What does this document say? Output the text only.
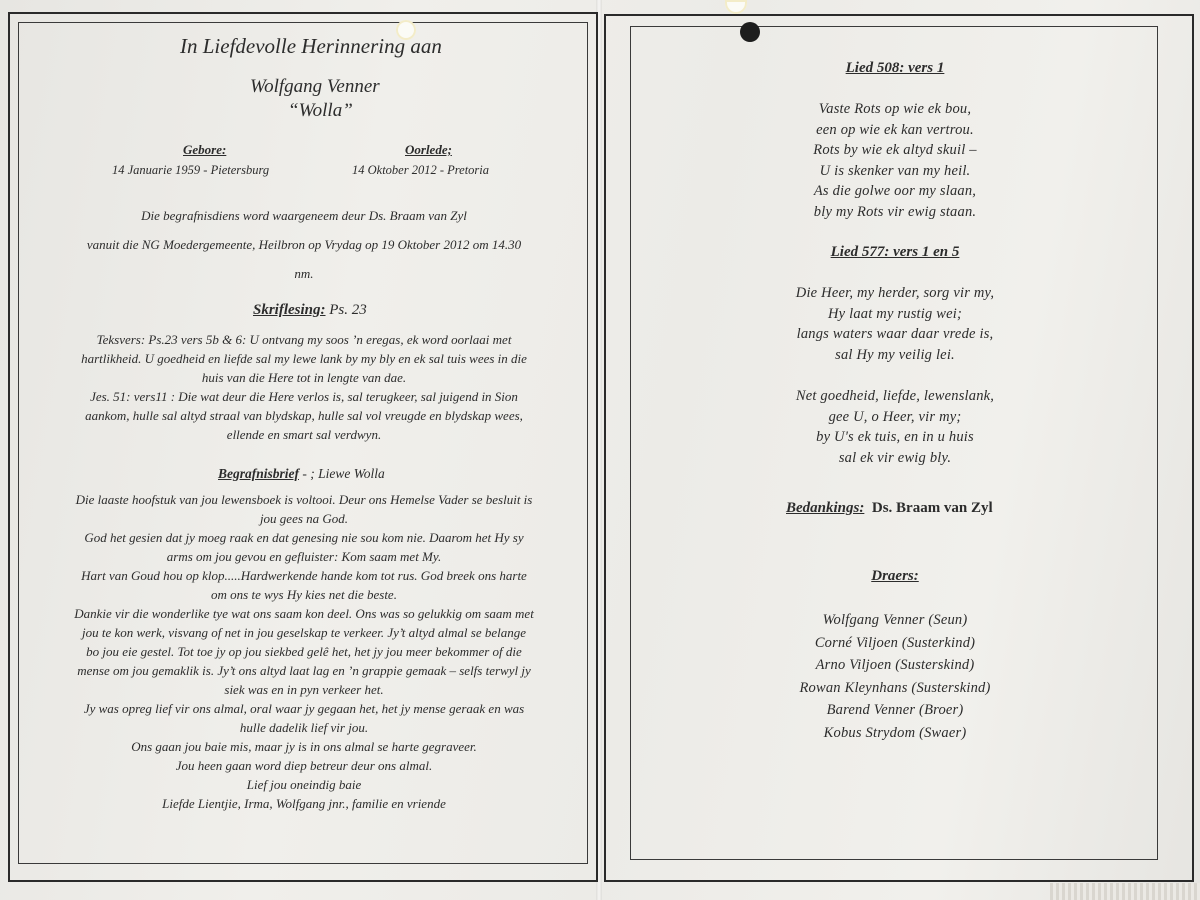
In Liefdevolle Herinnering aan
Wolfgang Venner
“Wolla”
Gebore:
14 Januarie 1959 - Pietersburg
Oorlede;
14 Oktober 2012 - Pretoria
Die begrafnisdiens word waargeneem deur Ds. Braam van Zyl
vanuit die NG Moedergemeente, Heilbron op Vrydag op 19 Oktober 2012 om 14.30
nm.
Skriflesing: Ps. 23
Teksvers: Ps.23 vers 5b & 6: U ontvang my soos ’n eregas, ek word oorlaai met
hartlikheid. U goedheid en liefde sal my lewe lank by my bly en ek sal tuis wees in die
huis van die Here tot in lengte van dae.
Jes. 51: vers11 : Die wat deur die Here verlos is, sal terugkeer, sal juigend in Sion
aankom, hulle sal altyd straal van blydskap, hulle sal vol vreugde en blydskap wees,
ellende en smart sal verdwyn.
Begrafnisbrief - ; Liewe Wolla
Die laaste hoofstuk van jou lewensboek is voltooi. Deur ons Hemelse Vader se besluit is
jou gees na God.
God het gesien dat jy moeg raak en dat genesing nie sou kom nie. Daarom het Hy sy
arms om jou gevou en gefluister: Kom saam met My.
Hart van Goud hou op klop.....Hardwerkende hande kom tot rus. God breek ons harte
om ons te wys Hy kies net die beste.
Dankie vir die wonderlike tye wat ons saam kon deel. Ons was so gelukkig om saam met
jou te kon werk, visvang of net in jou geselskap te verkeer. Jy’t altyd almal se belange
bo jou eie gestel. Tot toe jy op jou siekbed gelê het, het jy jou meer bekommer of die
mense om jou gemaklik is. Jy’t ons altyd laat lag en ’n grappie gemaak – selfs terwyl jy
siek was en in pyn verkeer het.
Jy was opreg lief vir ons almal, oral waar jy gegaan het, het jy mense geraak en was
hulle dadelik lief vir jou.
Ons gaan jou baie mis, maar jy is in ons almal se harte gegraveer.
Jou heen gaan word diep betreur deur ons almal.
Lief jou oneindig baie
Liefde Lientjie, Irma, Wolfgang jnr., familie en vriende
Lied 508: vers 1
Vaste Rots op wie ek bou,
een op wie ek kan vertrou.
Rots by wie ek altyd skuil –
U is skenker van my heil.
As die golwe oor my slaan,
bly my Rots vir ewig staan.
Lied 577: vers 1 en 5
Die Heer, my herder, sorg vir my,
Hy laat my rustig wei;
langs waters waar daar vrede is,
sal Hy my veilig lei.
Net goedheid, liefde, lewenslank,
gee U, o Heer, vir my;
by U's ek tuis, en in u huis
sal ek vir ewig bly.
Bedankings: Ds. Braam van Zyl
Draers:
Wolfgang Venner (Seun)
Corné Viljoen (Susterkind)
Arno Viljoen (Susterskind)
Rowan Kleynhans (Susterskind)
Barend Venner (Broer)
Kobus Strydom (Swaer)
